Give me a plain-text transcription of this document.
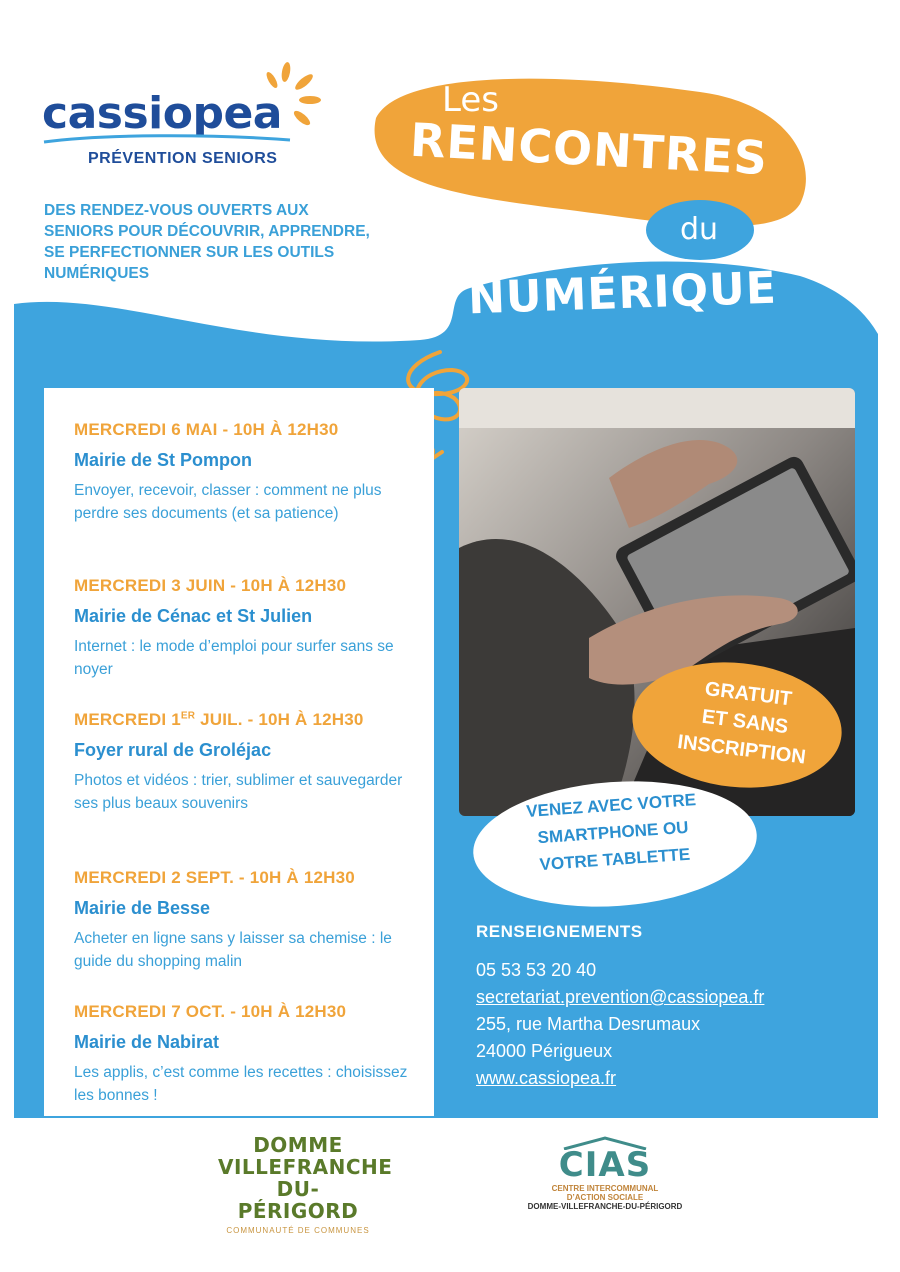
cassiopea
PRÉVENTION SENIORS
DES RENDEZ-VOUS OUVERTS AUX SENIORS POUR DÉCOUVRIR, APPRENDRE, SE PERFECTIONNER SUR LES OUTILS NUMÉRIQUES
Les
RENCONTRES
du
NUMÉRIQUE
MERCREDI 6 MAI - 10H À 12H30
Mairie de St Pompon
Envoyer, recevoir, classer : comment ne plus perdre ses documents (et sa patience)
MERCREDI 3 JUIN - 10H À 12H30
Mairie de Cénac et St Julien
Internet : le mode d’emploi pour surfer sans se noyer
MERCREDI 1ER JUIL. - 10H À 12H30
Foyer rural de Groléjac
Photos et vidéos : trier, sublimer et sauvegarder ses plus beaux souvenirs
MERCREDI 2 SEPT. - 10H À 12H30
Mairie de Besse
Acheter en ligne sans y laisser sa chemise : le guide du shopping malin
MERCREDI 7 OCT. - 10H À 12H30
Mairie de Nabirat
Les applis, c’est comme les recettes : choisissez les bonnes !
GRATUIT
ET SANS
INSCRIPTION
VENEZ AVEC VOTRE
SMARTPHONE OU
VOTRE TABLETTE
RENSEIGNEMENTS
05 53 53 20 40
secretariat.prevention@cassiopea.fr
255, rue Martha Desrumaux
24000 Périgueux
www.cassiopea.fr
DOMME
VILLEFRANCHE
DU-PÉRIGORD
COMMUNAUTÉ DE COMMUNES
CIAS
CENTRE INTERCOMMUNAL
D’ACTION SOCIALE
DOMME-VILLEFRANCHE-DU-PÉRIGORD
